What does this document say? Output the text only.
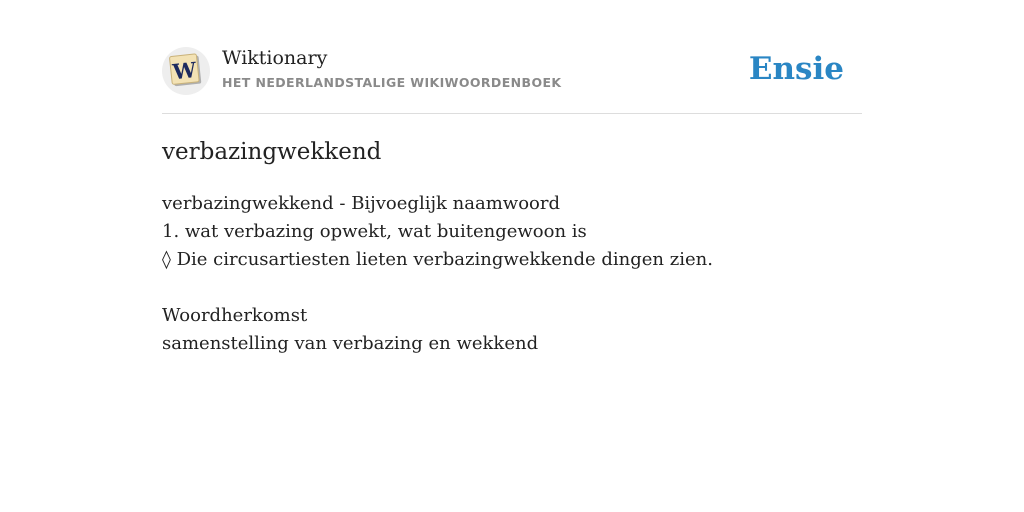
W Wiktionary
HET NEDERLANDSTALIGE WIKIWOORDENBOEK	Ensie
verbazingwekkend
verbazingwekkend - Bijvoeglijk naamwoord
1. wat verbazing opwekt, wat buitengewoon is
◊ Die circusartiesten lieten verbazingwekkende dingen zien.
Woordherkomst
samenstelling van verbazing en wekkend
